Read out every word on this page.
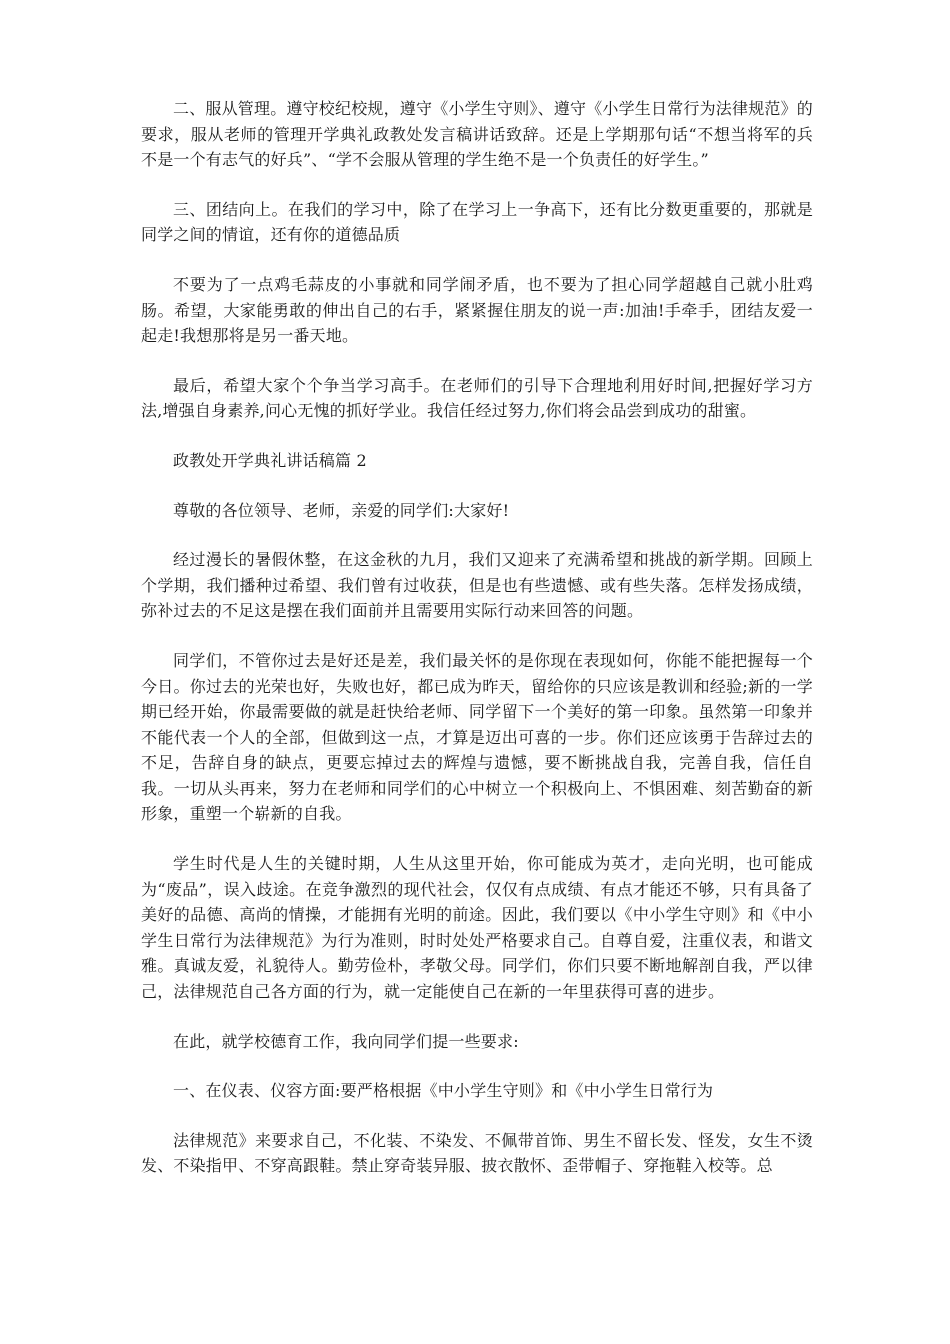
二、服从管理。遵守校纪校规，遵守《小学生守则》、遵守《小学生日常行为法律规范》的要求，服从老师的管理开学典礼政教处发言稿讲话致辞。还是上学期那句话“不想当将军的兵不是一个有志气的好兵”、“学不会服从管理的学生绝不是一个负责任的好学生。”

三、团结向上。在我们的学习中，除了在学习上一争高下，还有比分数更重要的，那就是同学之间的情谊，还有你的道德品质

不要为了一点鸡毛蒜皮的小事就和同学闹矛盾，也不要为了担心同学超越自己就小肚鸡肠。希望，大家能勇敢的伸出自己的右手，紧紧握住朋友的说一声:加油!手牵手，团结友爱一起走!我想那将是另一番天地。

最后，希望大家个个争当学习高手。在老师们的引导下合理地利用好时间,把握好学习方法,增强自身素养,问心无愧的抓好学业。我信任经过努力,你们将会品尝到成功的甜蜜。

政教处开学典礼讲话稿篇 2

尊敬的各位领导、老师，亲爱的同学们:大家好!

经过漫长的暑假休整，在这金秋的九月，我们又迎来了充满希望和挑战的新学期。回顾上个学期，我们播种过希望、我们曾有过收获，但是也有些遗憾、或有些失落。怎样发扬成绩，弥补过去的不足这是摆在我们面前并且需要用实际行动来回答的问题。

同学们，不管你过去是好还是差，我们最关怀的是你现在表现如何，你能不能把握每一个今日。你过去的光荣也好，失败也好，都已成为昨天，留给你的只应该是教训和经验;新的一学期已经开始，你最需要做的就是赶快给老师、同学留下一个美好的第一印象。虽然第一印象并不能代表一个人的全部，但做到这一点，才算是迈出可喜的一步。你们还应该勇于告辞过去的不足，告辞自身的缺点，更要忘掉过去的辉煌与遗憾，要不断挑战自我，完善自我，信任自我。一切从头再来，努力在老师和同学们的心中树立一个积极向上、不惧困难、刻苦勤奋的新形象，重塑一个崭新的自我。

学生时代是人生的关键时期，人生从这里开始，你可能成为英才，走向光明，也可能成为“废品”，误入歧途。在竞争激烈的现代社会，仅仅有点成绩、有点才能还不够，只有具备了美好的品德、高尚的情操，才能拥有光明的前途。因此，我们要以《中小学生守则》和《中小学生日常行为法律规范》为行为准则，时时处处严格要求自己。自尊自爱，注重仪表，和谐文雅。真诚友爱，礼貌待人。勤劳俭朴，孝敬父母。同学们，你们只要不断地解剖自我，严以律己，法律规范自己各方面的行为，就一定能使自己在新的一年里获得可喜的进步。

在此，就学校德育工作，我向同学们提一些要求:

一、在仪表、仪容方面:要严格根据《中小学生守则》和《中小学生日常行为

法律规范》来要求自己，不化装、不染发、不佩带首饰、男生不留长发、怪发，女生不烫发、不染指甲、不穿高跟鞋。禁止穿奇装异服、披衣散怀、歪带帽子、穿拖鞋入校等。总
